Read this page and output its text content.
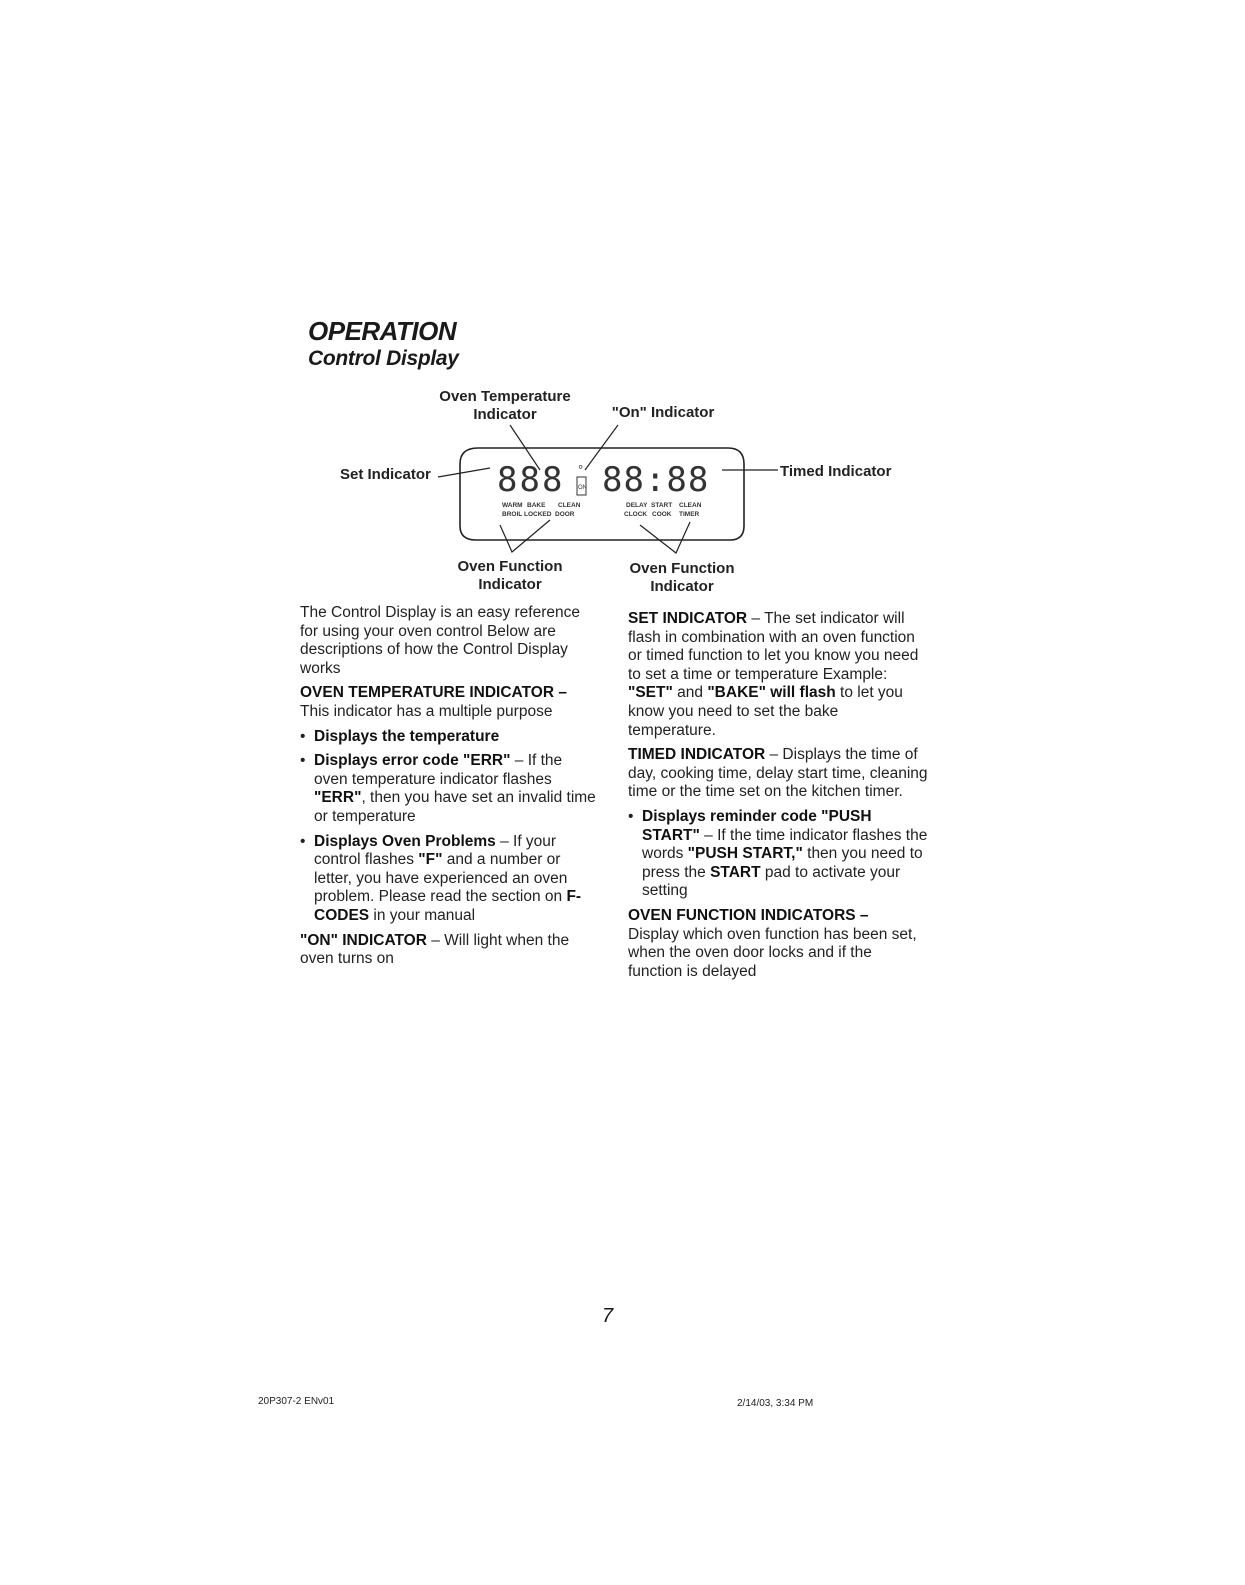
OPERATION
Control Display
Oven Temperature
Indicator	"On" Indicator
Set Indicator	Timed Indicator
Oven Function
Indicator
Oven Function
Indicator
888 °
ON 88:88
WARM BAKE CLEAN
BROIL LOCKED DOOR
DELAY START CLEAN
CLOCK COOK TIMER

The Control Display is an easy reference for using your oven control Below are descriptions of how the Control Display works

OVEN TEMPERATURE INDICATOR –
This indicator has a multiple purpose
• Displays the temperature
• Displays error code "ERR" – If the oven temperature indicator flashes "ERR", then you have set an invalid time or temperature
• Displays Oven Problems – If your control flashes "F" and a number or letter, you have experienced an oven problem. Please read the section on F-CODES in your manual

"ON" INDICATOR – Will light when the oven turns on

SET INDICATOR – The set indicator will flash in combination with an oven function or timed function to let you know you need to set a time or temperature Example: "SET" and "BAKE" will flash to let you know you need to set the bake temperature.

TIMED INDICATOR – Displays the time of day, cooking time, delay start time, cleaning time or the time set on the kitchen timer.

• Displays reminder code "PUSH START" – If the time indicator flashes the words "PUSH START," then you need to press the START pad to activate your setting
OVEN FUNCTION INDICATORS –
Display which oven function has been set, when the oven door locks and if the function is delayed
7
20P307-2 ENv01	2/14/03, 3:34 PM
